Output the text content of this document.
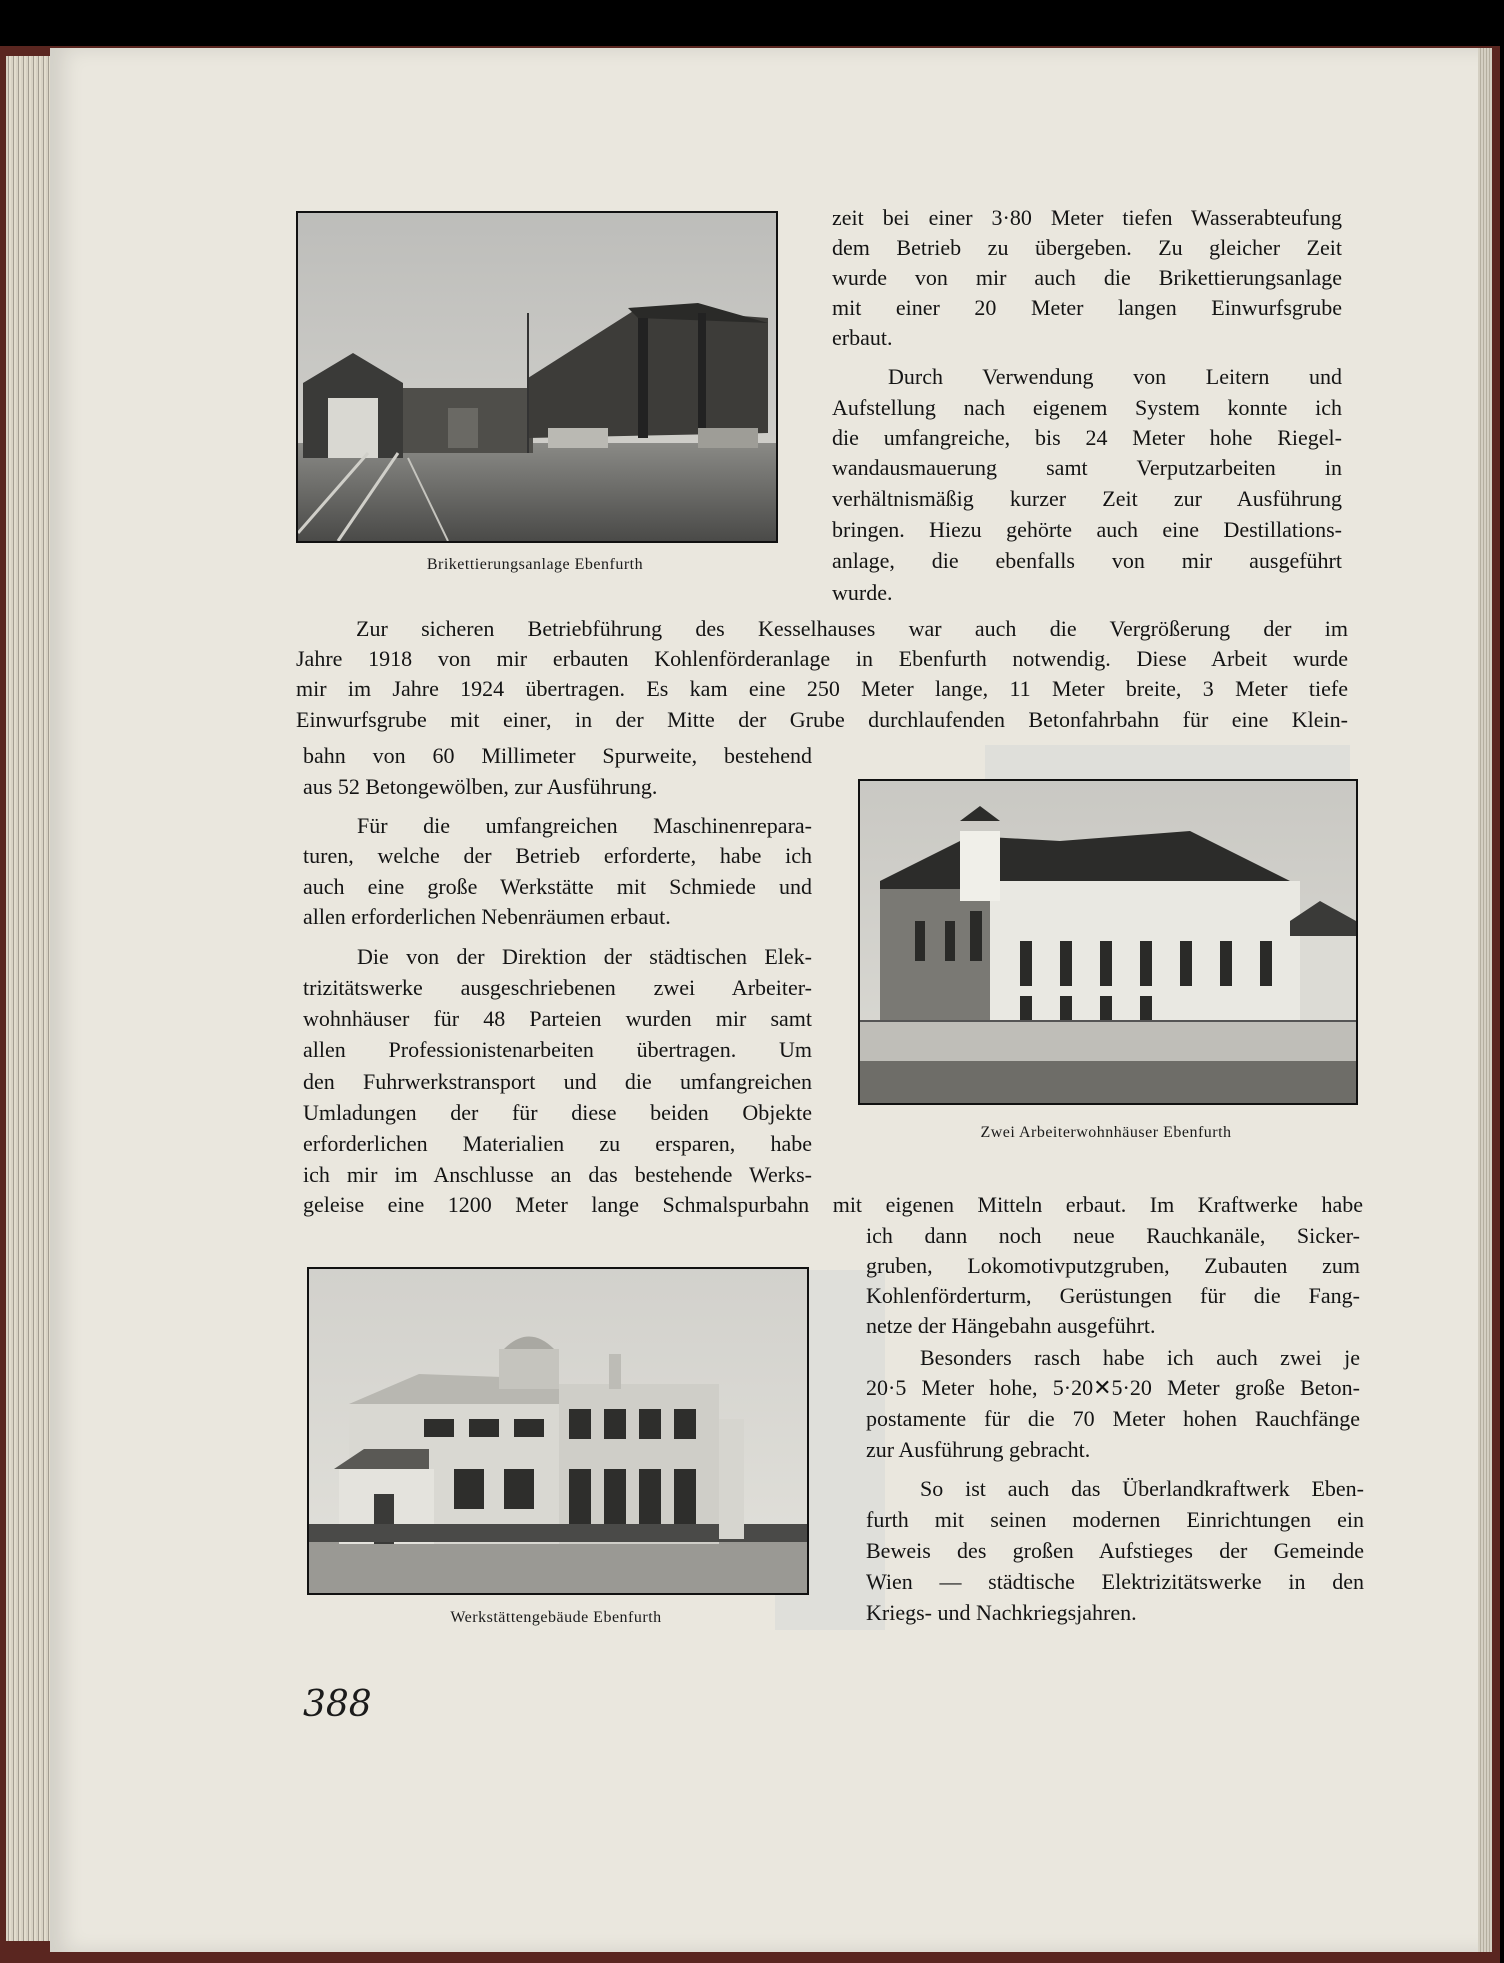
Brikettierungsanlage Ebenfurth

zeit bei einer 3·80 Meter tiefen Wasserabteufung

dem Betrieb zu übergeben. Zu gleicher Zeit

wurde von mir auch die Brikettierungsanlage

mit einer 20 Meter langen Einwurfsgrube

erbaut.

Durch Verwendung von Leitern und

Aufstellung nach eigenem System konnte ich

die umfangreiche, bis 24 Meter hohe Riegel-

wandausmauerung samt Verputzarbeiten in

verhältnismäßig kurzer Zeit zur Ausführung

bringen. Hiezu gehörte auch eine Destillations-

anlage, die ebenfalls von mir ausgeführt

wurde.

Zur sicheren Betriebführung des Kesselhauses war auch die Vergrößerung der im

Jahre 1918 von mir erbauten Kohlenförderanlage in Ebenfurth notwendig. Diese Arbeit wurde

mir im Jahre 1924 übertragen. Es kam eine 250 Meter lange, 11 Meter breite, 3 Meter tiefe

Einwurfsgrube mit einer, in der Mitte der Grube durchlaufenden Betonfahrbahn für eine Klein-

bahn von 60 Millimeter Spurweite, bestehend

aus 52 Betongewölben, zur Ausführung.

Für die umfangreichen Maschinenrepara-

turen, welche der Betrieb erforderte, habe ich

auch eine große Werkstätte mit Schmiede und

allen erforderlichen Nebenräumen erbaut.

Die von der Direktion der städtischen Elek-

trizitätswerke ausgeschriebenen zwei Arbeiter-

wohnhäuser für 48 Parteien wurden mir samt

allen Professionistenarbeiten übertragen. Um

den Fuhrwerkstransport und die umfangreichen

Umladungen der für diese beiden Objekte

erforderlichen Materialien zu ersparen, habe

ich mir im Anschlusse an das bestehende Werks-

geleise eine 1200 Meter lange Schmalspurbahn mit eigenen Mitteln erbaut. Im Kraftwerke habe

Zwei Arbeiterwohnhäuser Ebenfurth

ich dann noch neue Rauchkanäle, Sicker-

gruben, Lokomotivputzgruben, Zubauten zum

Kohlenförderturm, Gerüstungen für die Fang-

netze der Hängebahn ausgeführt.

Besonders rasch habe ich auch zwei je

20·5 Meter hohe, 5·20✕5·20 Meter große Beton-

postamente für die 70 Meter hohen Rauchfänge

zur Ausführung gebracht.

So ist auch das Überlandkraftwerk Eben-

furth mit seinen modernen Einrichtungen ein

Beweis des großen Aufstieges der Gemeinde

Wien — städtische Elektrizitätswerke in den

Kriegs- und Nachkriegsjahren.

Werkstättengebäude Ebenfurth
388
